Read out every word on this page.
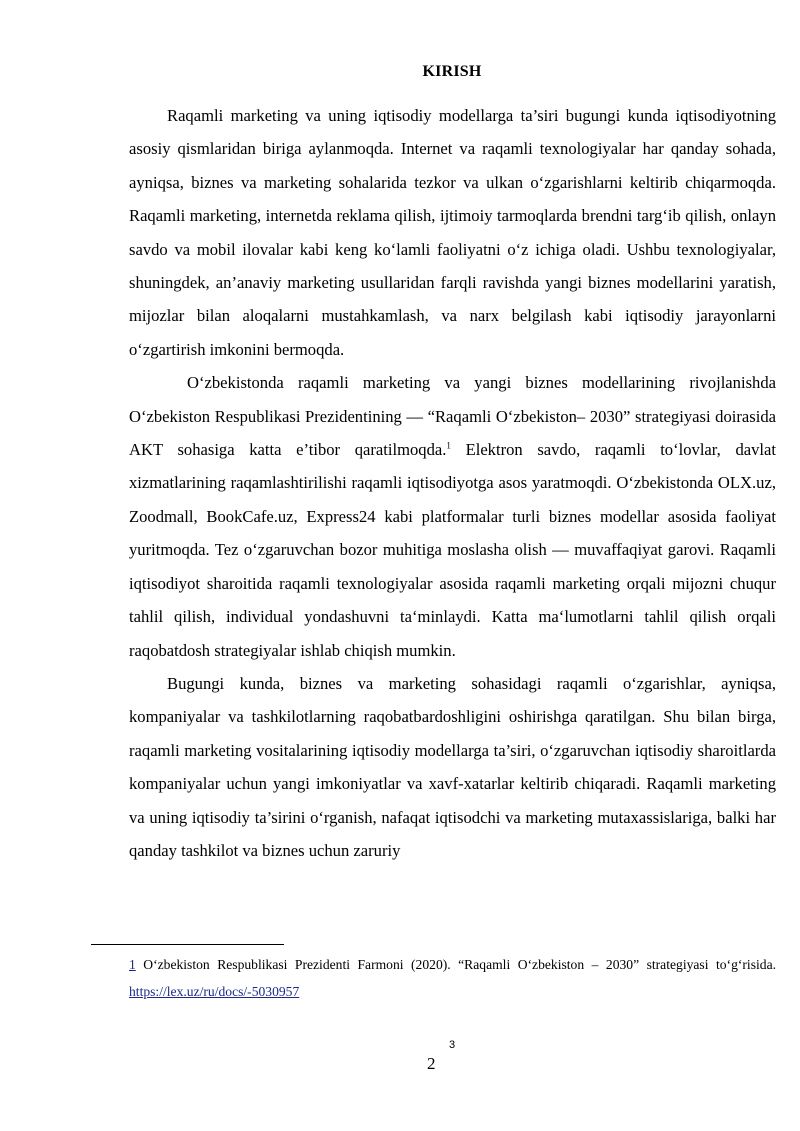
KIRISH

Raqamli marketing va uning iqtisodiy modellarga ta’siri bugungi kunda iqtisodiyotning asosiy qismlaridan biriga aylanmoqda. Internet va raqamli texnologiyalar har qanday sohada, ayniqsa, biznes va marketing sohalarida tezkor va ulkan o‘zgarishlarni keltirib chiqarmoqda. Raqamli marketing, internetda reklama qilish, ijtimoiy tarmoqlarda brendni targ‘ib qilish, onlayn savdo va mobil ilovalar kabi keng ko‘lamli faoliyatni o‘z ichiga oladi. Ushbu texnologiyalar, shuningdek, an’anaviy marketing usullaridan farqli ravishda yangi biznes modellarini yaratish, mijozlar bilan aloqalarni mustahkamlash, va narx belgilash kabi iqtisodiy jarayonlarni o‘zgartirish imkonini bermoqda.

O‘zbekistonda raqamli marketing va yangi biznes modellarining rivojlanishda O‘zbekiston Respublikasi Prezidentining — “Raqamli O‘zbekiston– 2030” strategiyasi doirasida AKT sohasiga katta e’tibor qaratilmoqda.$^1$ Elektron savdo, raqamli to‘lovlar, davlat xizmatlarining raqamlashtirilishi raqamli iqtisodiyotga asos yaratmoqdi. O‘zbekistonda OLX.uz, Zoodmall, BookCafe.uz, Express24 kabi platformalar turli biznes modellar asosida faoliyat yuritmoqda. Tez o‘zgaruvchan bozor muhitiga moslasha olish — muvaffaqiyat garovi. Raqamli iqtisodiyot sharoitida raqamli texnologiyalar asosida raqamli marketing orqali mijozni chuqur tahlil qilish, individual yondashuvni ta‘minlaydi. Katta ma‘lumotlarni tahlil qilish orqali raqobatdosh strategiyalar ishlab chiqish mumkin.

Bugungi kunda, biznes va marketing sohasidagi raqamli o‘zgarishlar, ayniqsa, kompaniyalar va tashkilotlarning raqobatbardoshligini oshirishga qaratilgan. Shu bilan birga, raqamli marketing vositalarining iqtisodiy modellarga ta’siri, o‘zgaruvchan iqtisodiy sharoitlarda kompaniyalar uchun yangi imkoniyatlar va xavf-xatarlar keltirib chiqaradi. Raqamli marketing va uning iqtisodiy ta’sirini o‘rganish, nafaqat iqtisodchi va marketing mutaxassislariga, balki har qanday tashkilot va biznes uchun zaruriy

1 O‘zbekiston Respublikasi Prezidenti Farmoni (2020). “Raqamli O‘zbekiston – 2030” strategiyasi to‘g‘risida. https://lex.uz/ru/docs/-5030957

3
2
